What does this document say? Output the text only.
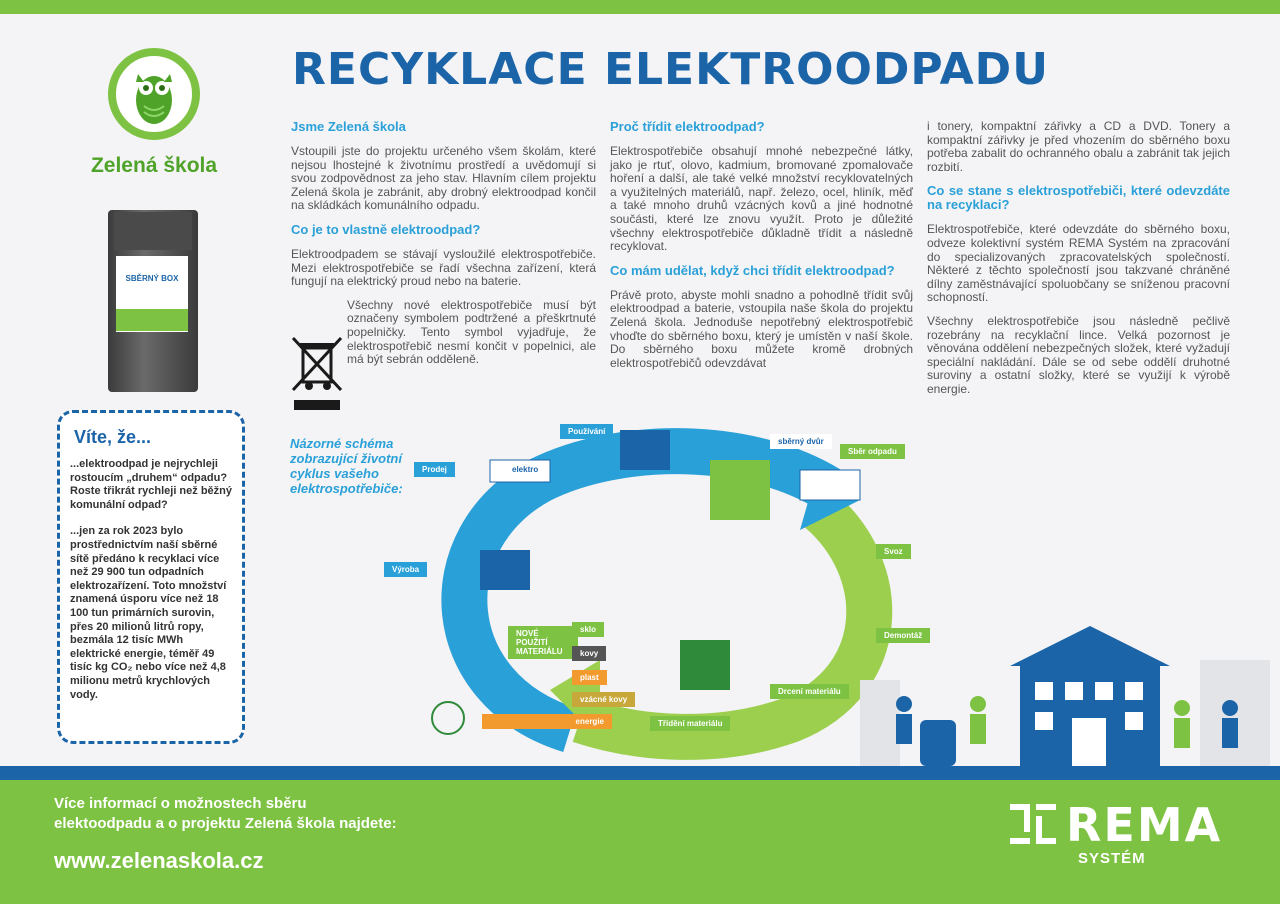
Zelená škola
SBĚRNÝ BOX
RECYKLACE ELEKTROODPADU
Víte, že...

...elektroodpad je nejrychleji rostoucím „druhem“ odpadu? Roste třikrát rychleji než běžný komunální odpad?

...jen za rok 2023 bylo prostřednictvím naší sběrné sítě předáno k recyklaci více než 29 900 tun odpadních elektrozařízení. Toto množství znamená úsporu více než 18 100 tun primárních surovin, přes 20 milionů litrů ropy, bezmála 12 tisíc MWh elektrické energie, téměř 49 tisíc kg CO₂ nebo více než 4,8 milionu metrů krychlových vody.

Jsme Zelená škola

Vstoupili jste do projektu určeného všem školám, které nejsou lhostejné k životnímu prostředí a uvědomují si svou zodpovědnost za jeho stav. Hlavním cílem projektu Zelená škola je zabránit, aby drobný elektroodpad končil na skládkách komunálního odpadu.

Co je to vlastně elektroodpad?

Elektroodpadem se stávají vysloužilé elektrospotřebiče. Mezi elektrospotřebiče se řadí všechna zařízení, která fungují na elektrický proud nebo na baterie.

Všechny nové elektrospotřebiče musí být označeny symbolem podtržené a přeškrtnuté popelničky. Tento symbol vyjadřuje, že elektrospotřebič nesmí končit v popelnici, ale má být sebrán odděleně.

Proč třídit elektroodpad?

Elektrospotřebiče obsahují mnohé nebezpečné látky, jako je rtuť, olovo, kadmium, bromované zpomalovače hoření a další, ale také velké množství recyklovatelných a využitelných materiálů, např. železo, ocel, hliník, měď a také mnoho druhů vzácných kovů a jiné hodnotné součásti, které lze znovu využít. Proto je důležité všechny elektrospotřebiče důkladně třídit a následně recyklovat.

Co mám udělat, když chci třídit elektroodpad?

Právě proto, abyste mohli snadno a pohodlně třídit svůj elektroodpad a baterie, vstoupila naše škola do projektu Zelená škola. Jednoduše nepotřebný elektrospotřebič vhoďte do sběrného boxu, který je umístěn v naší škole. Do sběrného boxu můžete kromě drobných elektrospotřebičů odevzdávat

i tonery, kompaktní zářivky a CD a DVD. Tonery a kompaktní zářivky je před vhozením do sběrného boxu potřeba zabalit do ochranného obalu a zabránit tak jejich rozbití.

Co se stane s elektrospotřebiči, které odevzdáte na recyklaci?

Elektrospotřebiče, které odevzdáte do sběrného boxu, odveze kolektivní systém REMA Systém na zpracování do specializovaných zpracovatelských společností. Některé z těchto společností jsou takzvané chráněné dílny zaměstnávající spoluobčany se sníženou pracovní schopností.

Všechny elektrospotřebiče jsou následně pečlivě rozebrány na recyklační lince. Velká pozornost je věnována oddělení nebezpečných složek, které vyžadují speciální nakládání. Dále se od sebe oddělí druhotné suroviny a ostatní složky, které se využijí k výrobě energie.

Názorné schéma zobrazující životní cyklus vašeho elektrospotřebiče:
Používání
Prodej
Výroba
Sběr odpadu
Svoz
Demontáž
Drcení materiálu
Třídění materiálu
NOVÉ POUŽITÍ MATERIÁLU
sklo
kovy
plast
vzácné kovy
energie
elektro
sběrný dvůr
Více informací o možnostech sběru
elektoodpadu a o projektu Zelená škola najdete:
www.zelenaskola.cz
REMA
SYSTÉM
